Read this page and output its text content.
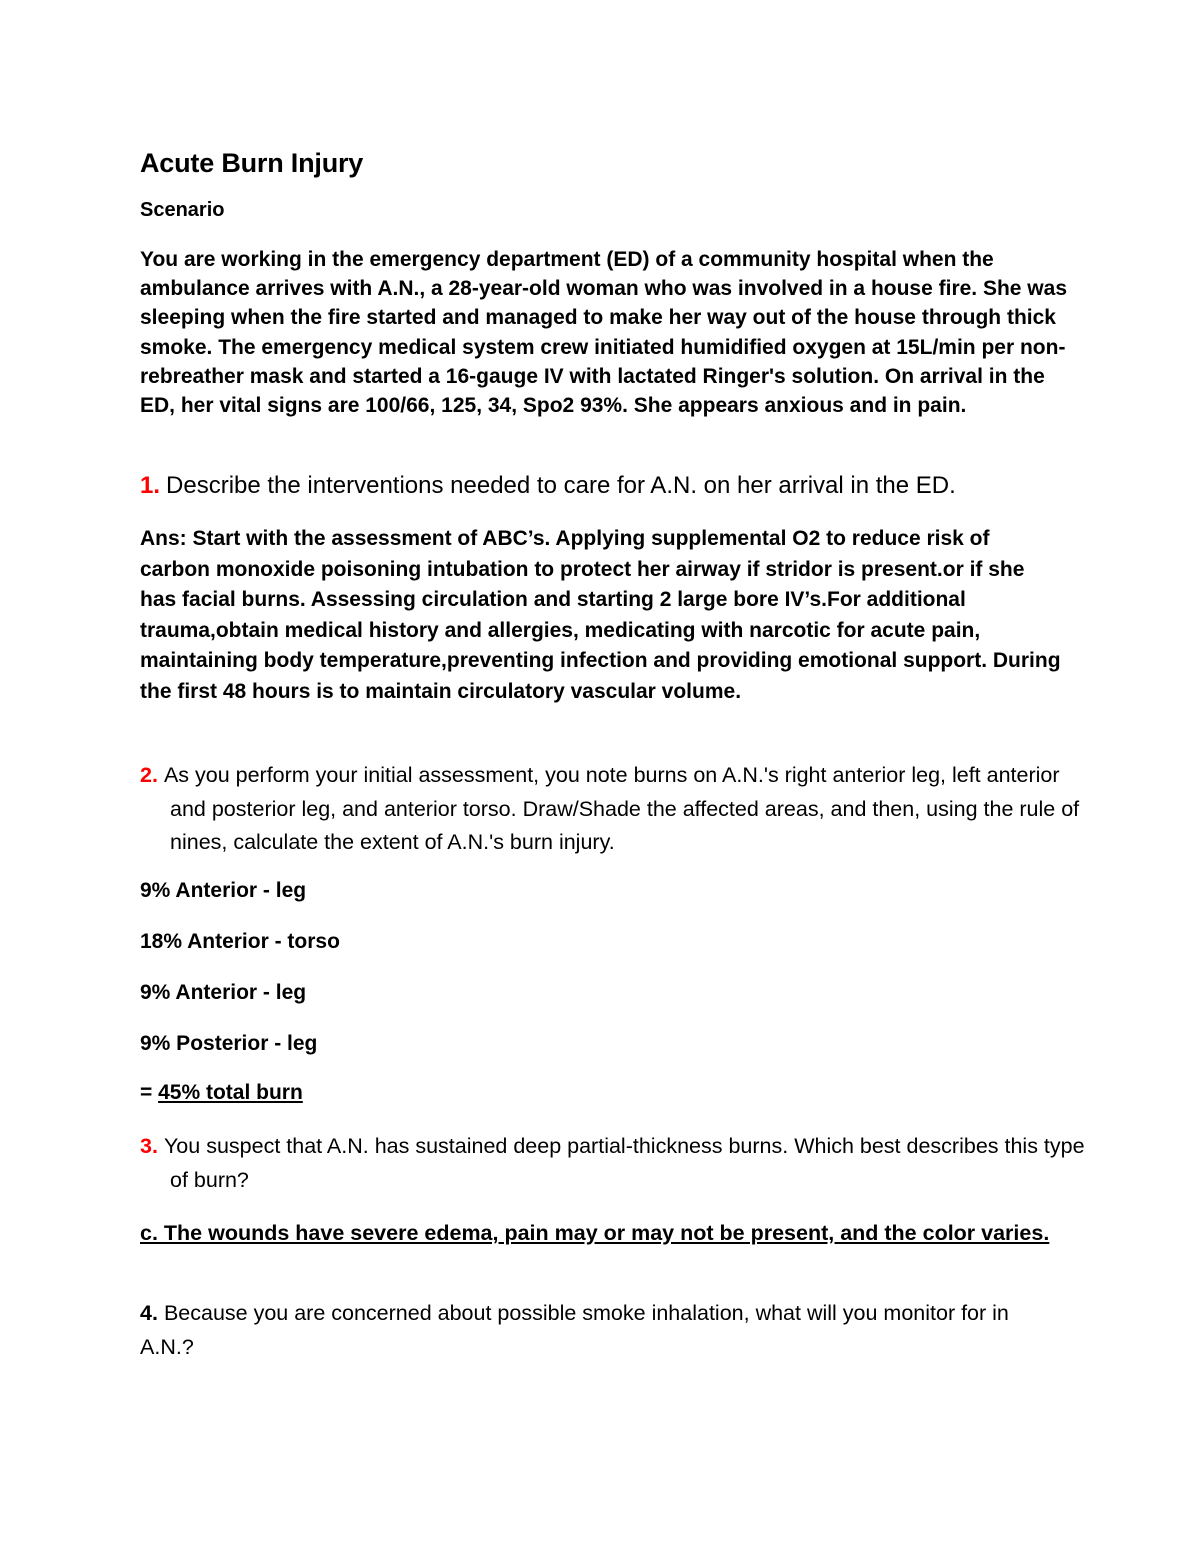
Acute Burn Injury
Scenario

You are working in the emergency department (ED) of a community hospital when the ambulance arrives with A.N., a 28-year-old woman who was involved in a house fire. She was sleeping when the fire started and managed to make her way out of the house through thick smoke. The emergency medical system crew initiated humidified oxygen at 15L/min per non-rebreather mask and started a 16-gauge IV with lactated Ringer's solution. On arrival in the ED, her vital signs are 100/66, 125, 34, Spo2 93%. She appears anxious and in pain.

1. Describe the interventions needed to care for A.N. on her arrival in the ED.

Ans: Start with the assessment of ABC’s. Applying supplemental O2 to reduce risk of carbon monoxide poisoning intubation to protect her airway if stridor is present.or if she has facial burns. Assessing circulation and starting 2 large bore IV’s.For additional trauma,obtain medical history and allergies, medicating with narcotic for acute pain, maintaining body temperature,preventing infection and providing emotional support. During the first 48 hours is to maintain circulatory vascular volume.

2. As you perform your initial assessment, you note burns on A.N.'s right anterior leg, left anterior and posterior leg, and anterior torso. Draw/Shade the affected areas, and then, using the rule of nines, calculate the extent of A.N.'s burn injury.

9% Anterior - leg
18% Anterior - torso
9% Anterior - leg
9% Posterior - leg
= 45% total burn

3. You suspect that A.N. has sustained deep partial-thickness burns. Which best describes this type of burn?

c. The wounds have severe edema, pain may or may not be present, and the color varies.

4. Because you are concerned about possible smoke inhalation, what will you monitor for in A.N.?
